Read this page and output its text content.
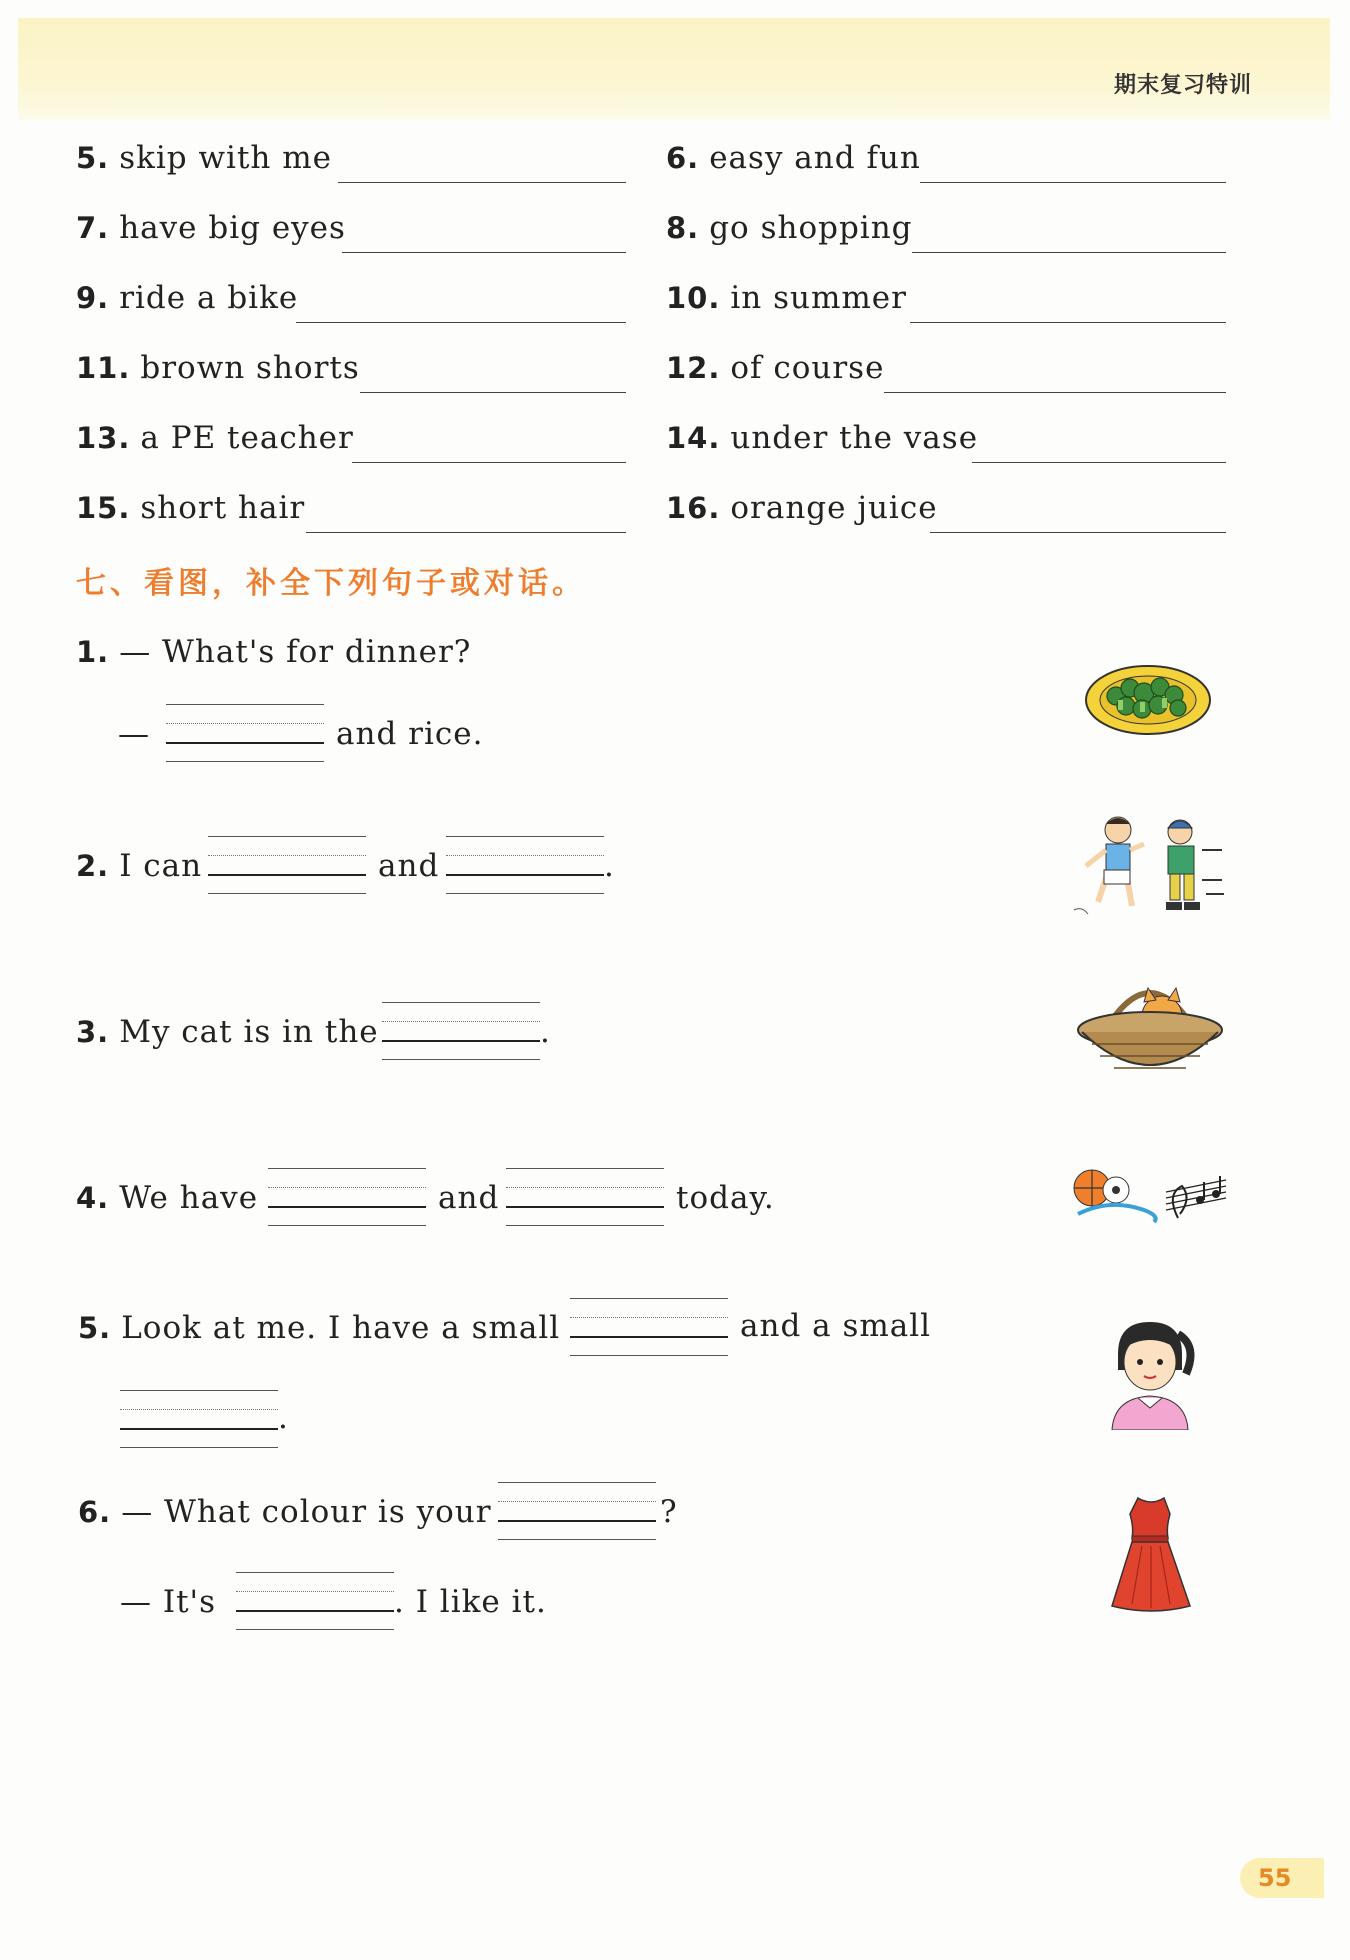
期末复习特训
5. skip with me	6. easy and fun
7. have big eyes	8. go shopping
9. ride a bike	10. in summer
11. brown shorts	12. of course
13. a PE teacher	14. under the vase
15. short hair	16. orange juice
七、看图，补全下列句子或对话。
1. — What's for dinner?
—	and rice.
2. I can	and	.
3. My cat is in the	.
4. We have	and	today.
5. Look at me. I have a small	and a small
.
6. — What colour is your	?
— It's	. I like it.
55
